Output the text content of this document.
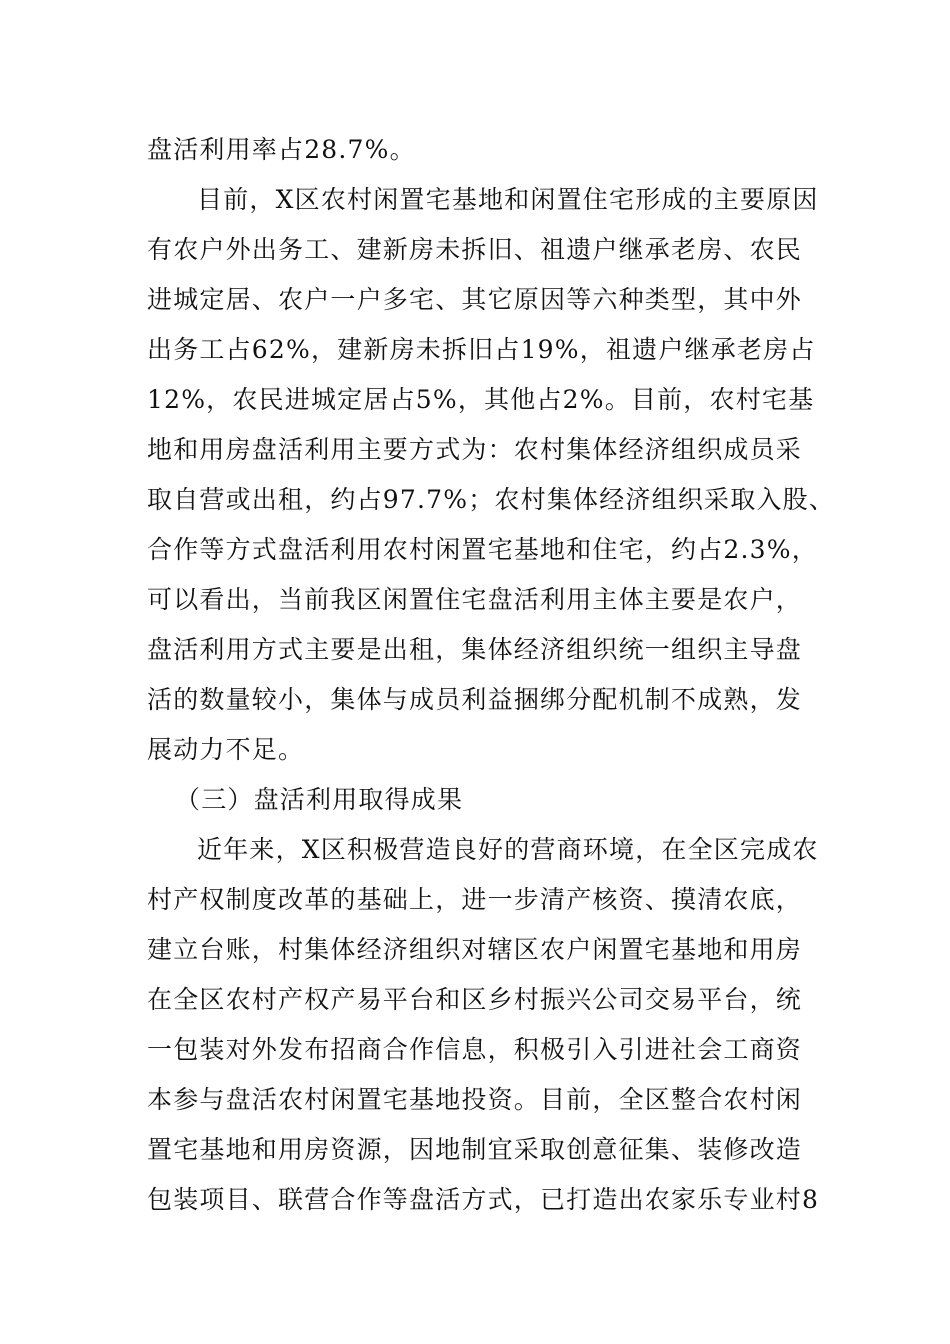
盘活利用率占28.7%。
目前，X区农村闲置宅基地和闲置住宅形成的主要原因
有农户外出务工、建新房未拆旧、祖遗户继承老房、农民
进城定居、农户一户多宅、其它原因等六种类型，其中外
出务工占62%，建新房未拆旧占19%，祖遗户继承老房占
12%，农民进城定居占5%，其他占2%。目前，农村宅基
地和用房盘活利用主要方式为：农村集体经济组织成员采
取自营或出租，约占97.7%；农村集体经济组织采取入股、
合作等方式盘活利用农村闲置宅基地和住宅，约占2.3%，
可以看出，当前我区闲置住宅盘活利用主体主要是农户，
盘活利用方式主要是出租，集体经济组织统一组织主导盘
活的数量较小，集体与成员利益捆绑分配机制不成熟，发
展动力不足。
（三）盘活利用取得成果
近年来，X区积极营造良好的营商环境，在全区完成农
村产权制度改革的基础上，进一步清产核资、摸清农底，
建立台账，村集体经济组织对辖区农户闲置宅基地和用房
在全区农村产权产易平台和区乡村振兴公司交易平台，统
一包装对外发布招商合作信息，积极引入引进社会工商资
本参与盘活农村闲置宅基地投资。目前，全区整合农村闲
置宅基地和用房资源，因地制宜采取创意征集、装修改造
包装项目、联营合作等盘活方式，已打造出农家乐专业村8
